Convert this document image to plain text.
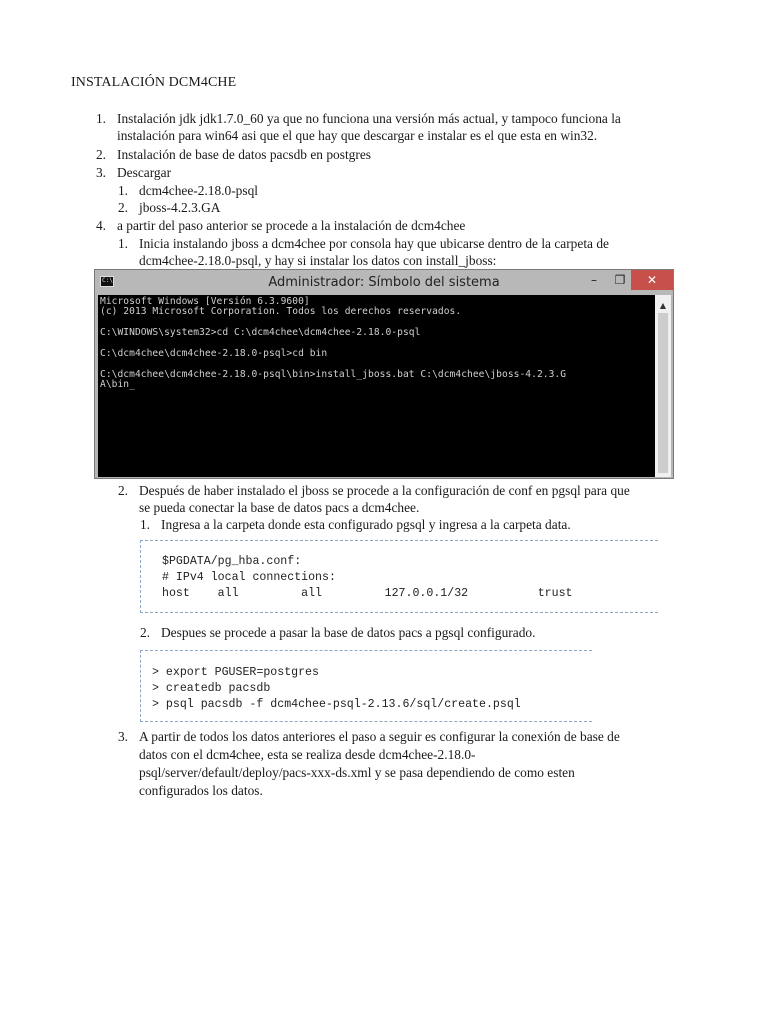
INSTALACIÓN DCM4CHE
1. Instalación jdk jdk1.7.0_60 ya que no funciona una versión más actual, y tampoco funciona la
instalación para win64 asi que el que hay que descargar e instalar es el que esta en win32.
2. Instalación de base de datos pacsdb en postgres
3. Descargar
1. dcm4chee-2.18.0-psql
2. jboss-4.2.3.GA
4. a partir del paso anterior se procede a la instalación de dcm4chee
1. Inicia instalando jboss a dcm4chee por consola hay que ubicarse dentro de la carpeta de
dcm4chee-2.18.0-psql, y hay si instalar los datos con install_jboss:
C:\	Administrador: Símbolo del sistema	–	❐	✕
Microsoft Windows [Versión 6.3.9600]
(c) 2013 Microsoft Corporation. Todos los derechos reservados.
C:\WINDOWS\system32>cd C:\dcm4chee\dcm4chee-2.18.0-psql
C:\dcm4chee\dcm4chee-2.18.0-psql>cd bin
C:\dcm4chee\dcm4chee-2.18.0-psql\bin>install_jboss.bat C:\dcm4chee\jboss-4.2.3.G
A\bin_
▲
2. Después de haber instalado el jboss se procede a la configuración de conf en pgsql para que
se pueda conectar la base de datos pacs a dcm4chee.
1. Ingresa a la carpeta donde esta configurado pgsql y ingresa a la carpeta data.
$PGDATA/pg_hba.conf:
# IPv4 local connections:
host    all         all         127.0.0.1/32          trust
2. Despues se procede a pasar la base de datos pacs a pgsql configurado.
> export PGUSER=postgres
> createdb pacsdb
> psql pacsdb -f dcm4chee-psql-2.13.6/sql/create.psql
3. A partir de todos los datos anteriores el paso a seguir es configurar la conexión de base de
datos con el dcm4chee, esta se realiza desde dcm4chee-2.18.0-
psql/server/default/deploy/pacs-xxx-ds.xml y se pasa dependiendo de como esten
configurados los datos.
